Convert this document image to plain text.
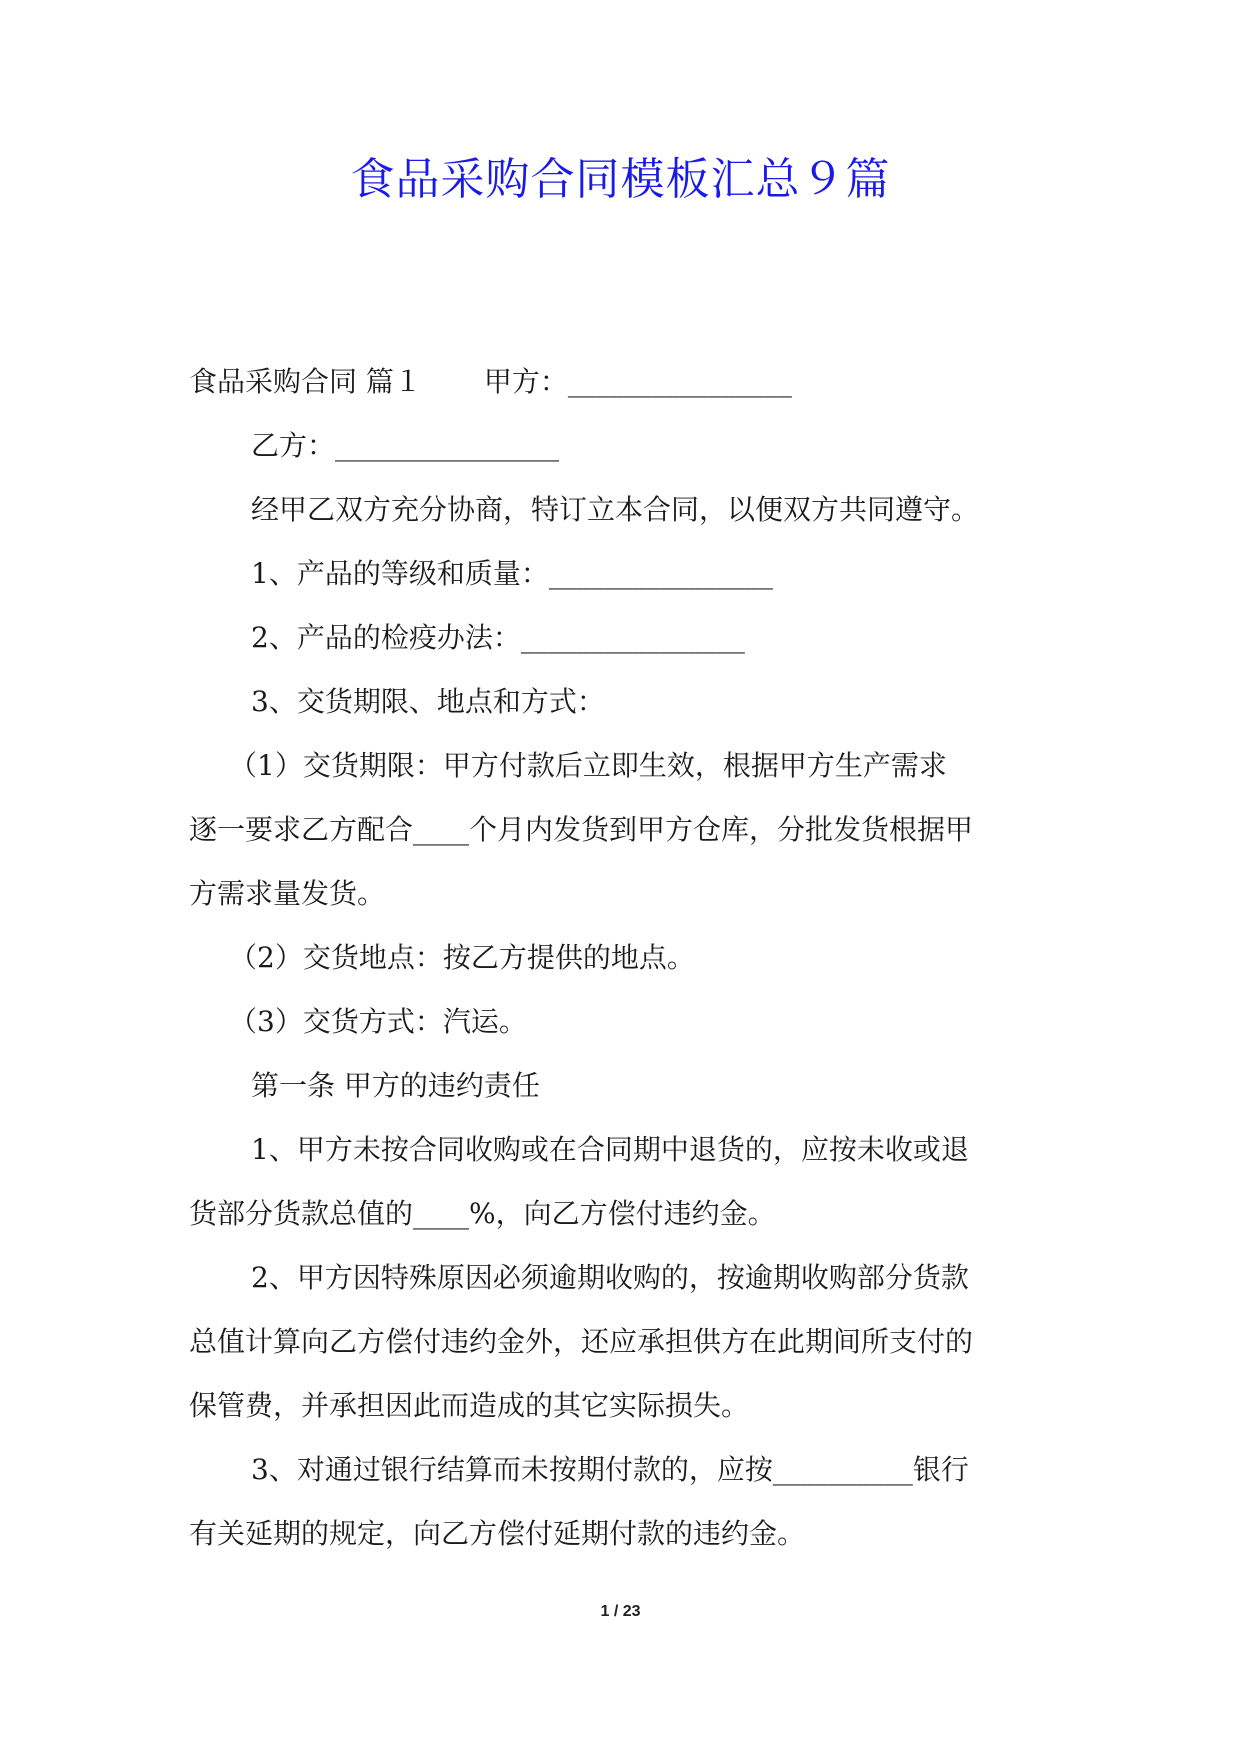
食品采购合同模板汇总９篇
食品采购合同 篇１ 甲方：________________
乙方：________________
经甲乙双方充分协商，特订立本合同，以便双方共同遵守。
1、产品的等级和质量：________________
2、产品的检疫办法：________________
3、交货期限、地点和方式：
（1）交货期限：甲方付款后立即生效，根据甲方生产需求
逐一要求乙方配合____个月内发货到甲方仓库，分批发货根据甲
方需求量发货。
（2）交货地点：按乙方提供的地点。
（3）交货方式：汽运。
第一条 甲方的违约责任
1、甲方未按合同收购或在合同期中退货的，应按未收或退
货部分货款总值的____%，向乙方偿付违约金。
2、甲方因特殊原因必须逾期收购的，按逾期收购部分货款
总值计算向乙方偿付违约金外，还应承担供方在此期间所支付的
保管费，并承担因此而造成的其它实际损失。
3、对通过银行结算而未按期付款的，应按__________银行
有关延期的规定，向乙方偿付延期付款的违约金。
1 / 23
